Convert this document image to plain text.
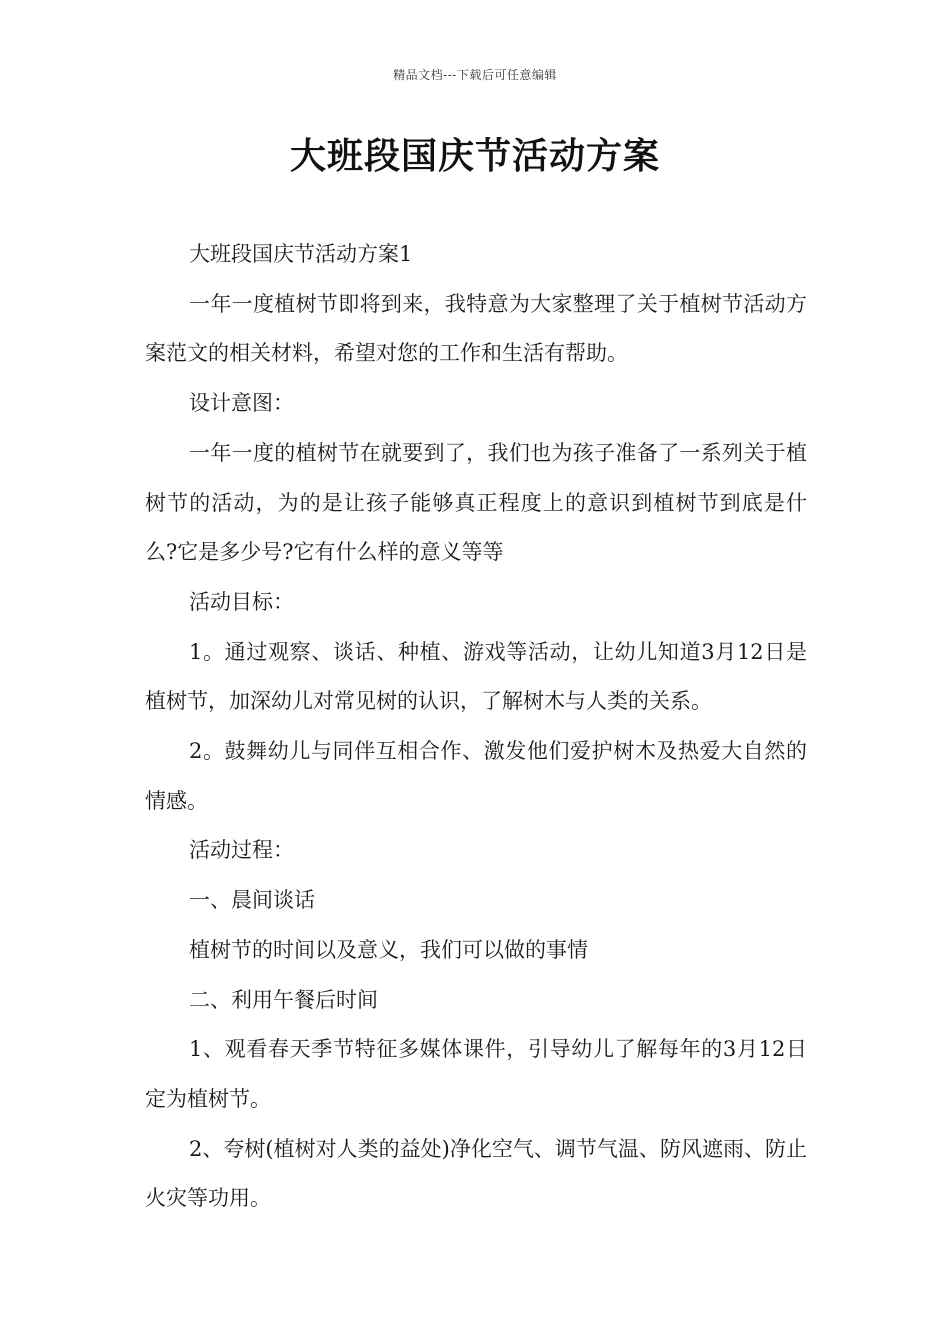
精品文档---下载后可任意编辑
大班段国庆节活动方案

大班段国庆节活动方案1

一年一度植树节即将到来，我特意为大家整理了关于植树节活动方案范文的相关材料，希望对您的工作和生活有帮助。

设计意图：

一年一度的植树节在就要到了，我们也为孩子准备了一系列关于植树节的活动，为的是让孩子能够真正程度上的意识到植树节到底是什么?它是多少号?它有什么样的意义等等

活动目标：

1。通过观察、谈话、种植、游戏等活动，让幼儿知道3月12日是植树节，加深幼儿对常见树的认识，了解树木与人类的关系。

2。鼓舞幼儿与同伴互相合作、激发他们爱护树木及热爱大自然的情感。

活动过程：

一、晨间谈话

植树节的时间以及意义，我们可以做的事情

二、利用午餐后时间

1、观看春天季节特征多媒体课件，引导幼儿了解每年的3月12日定为植树节。

2、夸树(植树对人类的益处)净化空气、调节气温、防风遮雨、防止火灾等功用。
